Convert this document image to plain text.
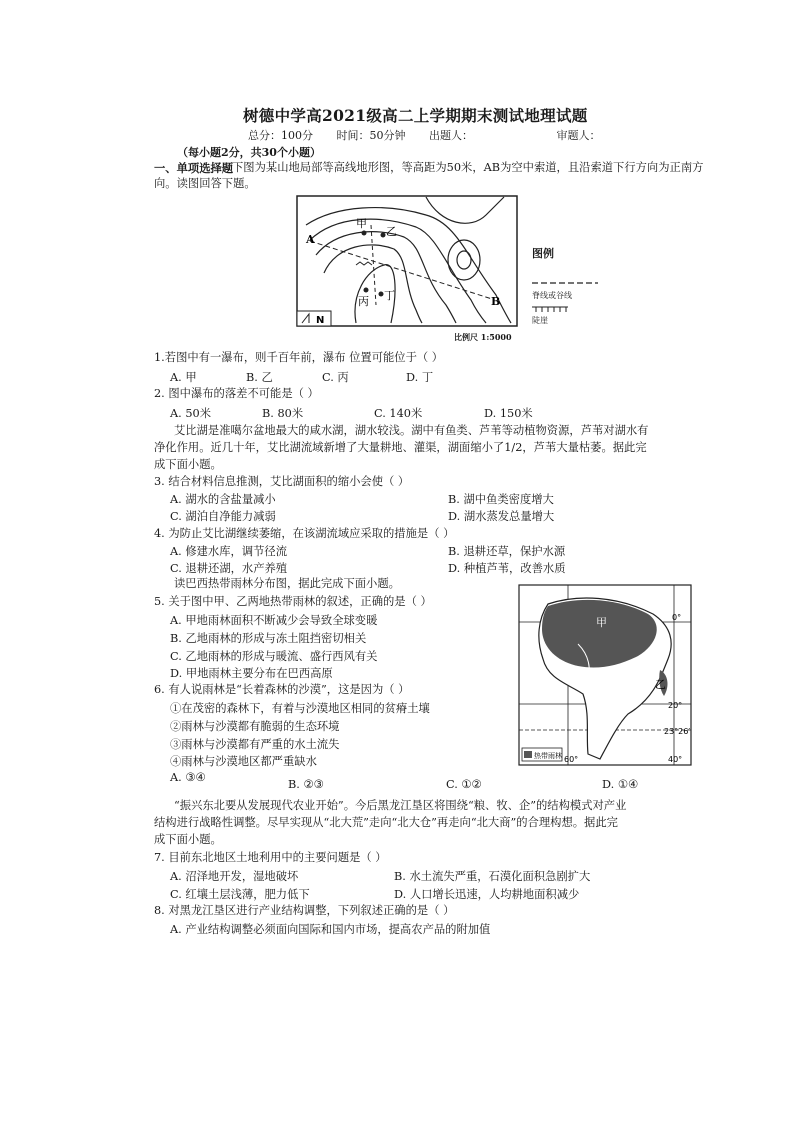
树德中学高2021级高二上学期期末测试地理试题
总分：100分 时间：50分钟 出题人：	审题人：
（每小题2分，共30个小题）
一、单项选择题
下图为某山地局部等高线地形图，等高距为50米，AB为空中索道，且沿索道下行方向为正南方
向。读图回答下题。
A
B
甲
乙
丙 丁
N
图例
脊线或谷线
陡崖
比例尺 1:5000
1.若图中有一瀑布，则千百年前，瀑布 位置可能位于（ ）
A. 甲	B. 乙	C. 丙	D. 丁
2. 图中瀑布的落差不可能是（ ）
A. 50米	B. 80米	C. 140米	D. 150米
艾比湖是准噶尔盆地最大的咸水湖，湖水较浅。湖中有鱼类、芦苇等动植物资源，芦苇对湖水有
净化作用。近几十年，艾比湖流域新增了大量耕地、灌渠，湖面缩小了1/2，芦苇大量枯萎。据此完
成下面小题。
3. 结合材料信息推测，艾比湖面积的缩小会使（ ）
A. 湖水的含盐量减小	B. 湖中鱼类密度增大
C. 湖泊自净能力减弱	D. 湖水蒸发总量增大
4. 为防止艾比湖继续萎缩，在该湖流域应采取的措施是（ ）
A. 修建水库，调节径流	B. 退耕还草，保护水源
C. 退耕还湖，水产养殖	D. 种植芦苇，改善水质
读巴西热带雨林分布图，据此完成下面小题。
甲
乙
0°
20°
23°26′
60°	40°
热带雨林
5. 关于图中甲、乙两地热带雨林的叙述，正确的是（ ）
A. 甲地雨林面积不断减少会导致全球变暖
B. 乙地雨林的形成与冻土阻挡密切相关
C. 乙地雨林的形成与暖流、盛行西风有关
D. 甲地雨林主要分布在巴西高原
6. 有人说雨林是“长着森林的沙漠”，这是因为（ ）
①在茂密的森林下，有着与沙漠地区相同的贫瘠土壤
②雨林与沙漠都有脆弱的生态环境
③雨林与沙漠都有严重的水土流失
④雨林与沙漠地区都严重缺水
A. ③④
B. ②③	C. ①②	D. ①④
“振兴东北要从发展现代农业开始”。今后黑龙江垦区将围绕“粮、牧、企”的结构模式对产业
结构进行战略性调整。尽早实现从“北大荒”走向“北大仓”再走向“北大商”的合理构想。据此完
成下面小题。
7. 目前东北地区土地利用中的主要问题是（ ）
A. 沼泽地开发，湿地破坏	B. 水土流失严重，石漠化面积急剧扩大
C. 红壤土层浅薄，肥力低下	D. 人口增长迅速，人均耕地面积减少
8. 对黑龙江垦区进行产业结构调整，下列叙述正确的是（ ）
A. 产业结构调整必须面向国际和国内市场，提高农产品的附加值
